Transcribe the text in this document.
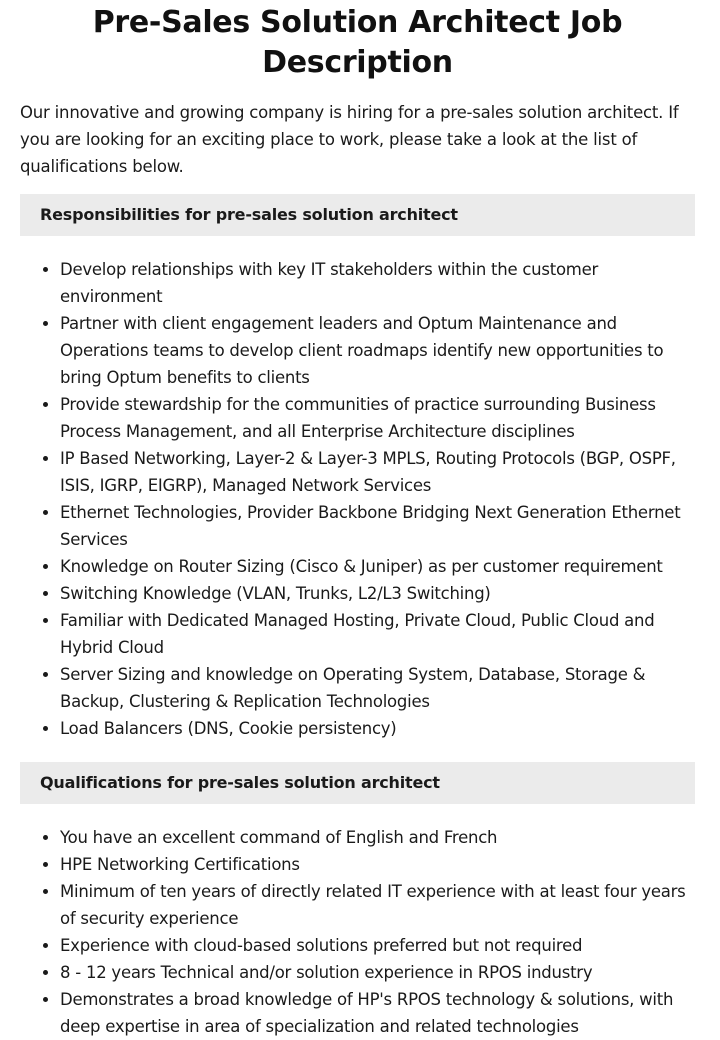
Pre-Sales Solution Architect Job Description

Our innovative and growing company is hiring for a pre-sales solution architect. If you are looking for an exciting place to work, please take a look at the list of qualifications below.

Responsibilities for pre-sales solution architect
• Develop relationships with key IT stakeholders within the customer environment
• Partner with client engagement leaders and Optum Maintenance and Operations teams to develop client roadmaps identify new opportunities to bring Optum benefits to clients
• Provide stewardship for the communities of practice surrounding Business Process Management, and all Enterprise Architecture disciplines
• IP Based Networking, Layer-2 & Layer-3 MPLS, Routing Protocols (BGP, OSPF, ISIS, IGRP, EIGRP), Managed Network Services
• Ethernet Technologies, Provider Backbone Bridging Next Generation Ethernet Services
• Knowledge on Router Sizing (Cisco & Juniper) as per customer requirement
• Switching Knowledge (VLAN, Trunks, L2/L3 Switching)
• Familiar with Dedicated Managed Hosting, Private Cloud, Public Cloud and Hybrid Cloud
• Server Sizing and knowledge on Operating System, Database, Storage & Backup, Clustering & Replication Technologies
• Load Balancers (DNS, Cookie persistency)
Qualifications for pre-sales solution architect
• You have an excellent command of English and French
• HPE Networking Certifications
• Minimum of ten years of directly related IT experience with at least four years of security experience
• Experience with cloud-based solutions preferred but not required
• 8 - 12 years Technical and/or solution experience in RPOS industry
• Demonstrates a broad knowledge of HP's RPOS technology & solutions, with deep expertise in area of specialization and related technologies
